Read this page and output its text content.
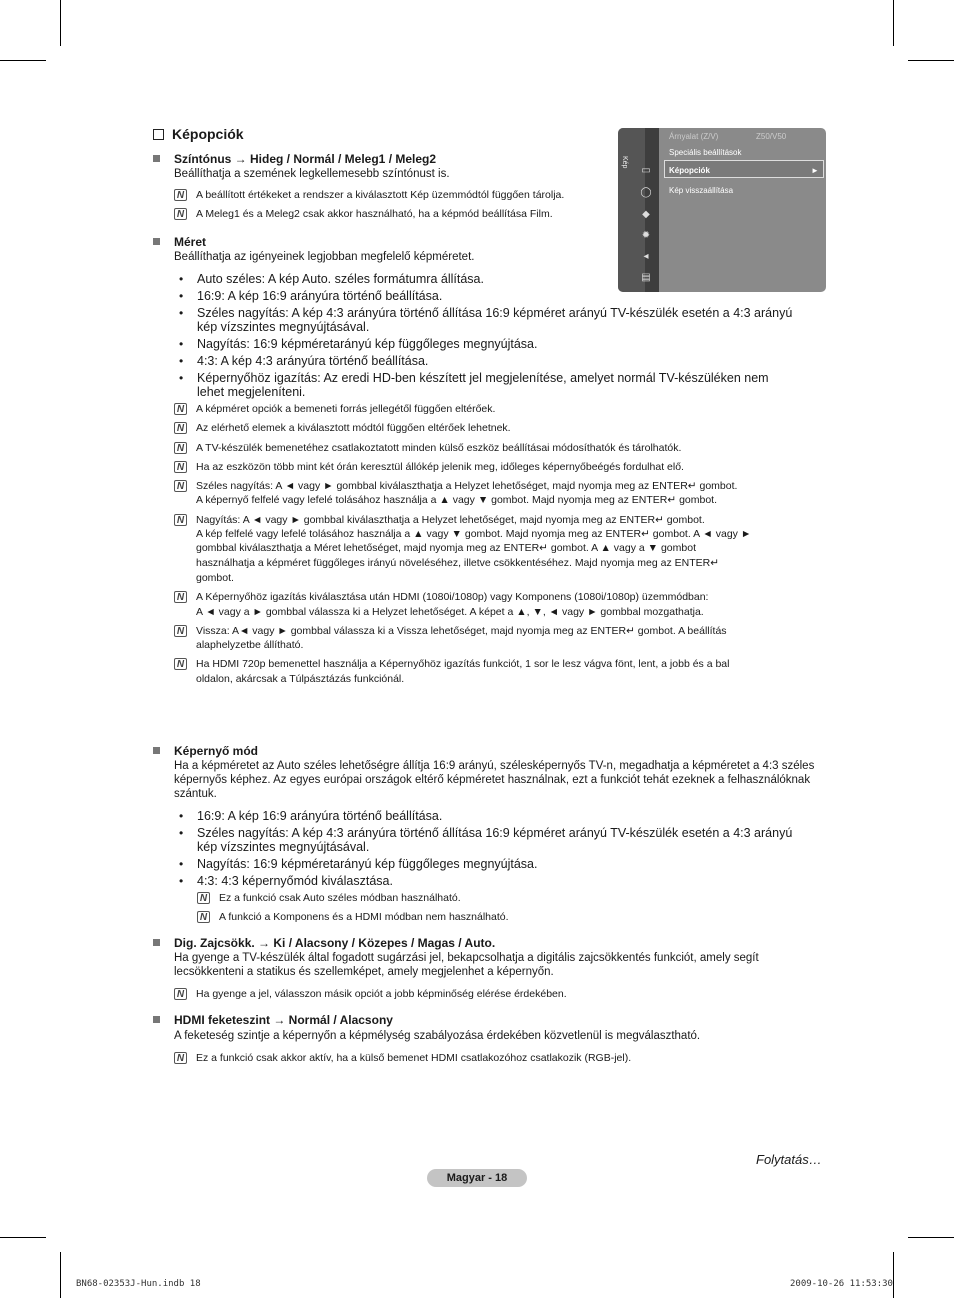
Képopciók
Kép
▭
◯
◆
✹
◂
▤
Árnyalat (Z/V)	Z50/V50
Speciális beállítások
Képopciók	►
Kép visszaállítása
Színtónus → Hideg / Normál / Meleg1 / Meleg2
Beállíthatja a szemének legkellemesebb színtónust is.
N A beállított értékeket a rendszer a kiválasztott Kép üzemmódtól függően tárolja.
N A Meleg1 és a Meleg2 csak akkor használható, ha a képmód beállítása Film.
Méret
Beállíthatja az igényeinek legjobban megfelelő képméretet.
• Auto széles: A kép Auto. széles formátumra állítása.
• 16:9: A kép 16:9 arányúra történő beállítása.
• Széles nagyítás: A kép 4:3 arányúra történő állítása 16:9 képméret arányú TV-készülék esetén a 4:3 arányú
kép vízszintes megnyújtásával.
• Nagyítás: 16:9 képméretarányú kép függőleges megnyújtása.
• 4:3: A kép 4:3 arányúra történő beállítása.
• Képernyőhöz igazítás: Az eredi HD-ben készített jel megjelenítése, amelyet normál TV-készüléken nem
lehet megjeleníteni.
N A képméret opciók a bemeneti forrás jellegétől függően eltérőek.
N Az elérhető elemek a kiválasztott módtól függően eltérőek lehetnek.
N A TV-készülék bemenetéhez csatlakoztatott minden külső eszköz beállításai módosíthatók és tárolhatók.
N Ha az eszközön több mint két órán keresztül állókép jelenik meg, időleges képernyőbeégés fordulhat elő.
N Széles nagyítás: A ◄ vagy ► gombbal kiválaszthatja a Helyzet lehetőséget, majd nyomja meg az ENTER↵ gombot.
A képernyő felfelé vagy lefelé tolásához használja a ▲ vagy ▼ gombot. Majd nyomja meg az ENTER↵ gombot.
N Nagyítás: A ◄ vagy ► gombbal kiválaszthatja a Helyzet lehetőséget, majd nyomja meg az ENTER↵ gombot.
A kép felfelé vagy lefelé tolásához használja a ▲ vagy ▼ gombot. Majd nyomja meg az ENTER↵ gombot. A ◄ vagy ►
gombbal kiválaszthatja a Méret lehetőséget, majd nyomja meg az ENTER↵ gombot. A ▲ vagy a ▼ gombot
használhatja a képméret függőleges irányú növeléséhez, illetve csökkentéséhez. Majd nyomja meg az ENTER↵
gombot.
N A Képernyőhöz igazítás kiválasztása után HDMI (1080i/1080p) vagy Komponens (1080i/1080p) üzemmódban:
A ◄ vagy a ► gombbal válassza ki a Helyzet lehetőséget. A képet a ▲, ▼, ◄ vagy ► gombbal mozgathatja.
N Vissza: A◄ vagy ► gombbal válassza ki a Vissza lehetőséget, majd nyomja meg az ENTER↵ gombot. A beállítás
alaphelyzetbe állítható.
N Ha HDMI 720p bemenettel használja a Képernyőhöz igazítás funkciót, 1 sor le lesz vágva fönt, lent, a jobb és a bal
oldalon, akárcsak a Túlpásztázás funkciónál.
Képernyő mód
Ha a képméretet az Auto széles lehetőségre állítja 16:9 arányú, szélesképernyős TV-n, megadhatja a képméretet a 4:3 széles
képernyős képhez. Az egyes európai országok eltérő képméretet használnak, ezt a funkciót tehát ezeknek a felhasználóknak
szántuk.
• 16:9: A kép 16:9 arányúra történő beállítása.
• Széles nagyítás: A kép 4:3 arányúra történő állítása 16:9 képméret arányú TV-készülék esetén a 4:3 arányú
kép vízszintes megnyújtásával.
• Nagyítás: 16:9 képméretarányú kép függőleges megnyújtása.
• 4:3: 4:3 képernyőmód kiválasztása.
N Ez a funkció csak Auto széles módban használható.
N A funkció a Komponens és a HDMI módban nem használható.
Dig. Zajcsökk. → Ki / Alacsony / Közepes / Magas / Auto.
Ha gyenge a TV-készülék által fogadott sugárzási jel, bekapcsolhatja a digitális zajcsökkentés funkciót, amely segít
lecsökkenteni a statikus és szellemképet, amely megjelenhet a képernyőn.
N Ha gyenge a jel, válasszon másik opciót a jobb képminőség elérése érdekében.
HDMI feketeszint → Normál / Alacsony
A feketeség szintje a képernyőn a képmélység szabályozása érdekében közvetlenül is megválasztható.
N Ez a funkció csak akkor aktív, ha a külső bemenet HDMI csatlakozóhoz csatlakozik (RGB-jel).
Folytatás…
Magyar - 18
BN68-02353J-Hun.indb 18	2009-10-26 11:53:30
